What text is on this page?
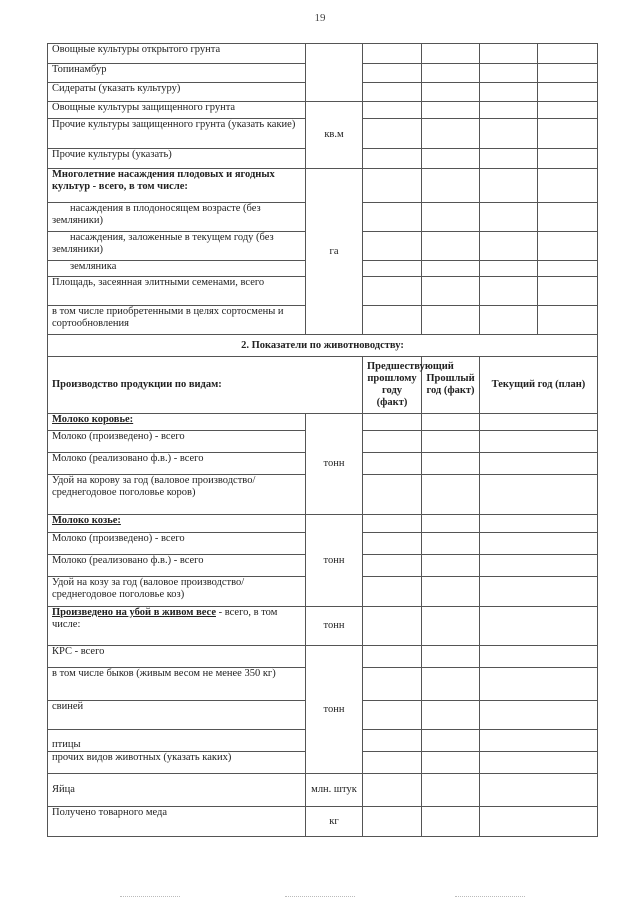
19
Овощные культуры открытого грунта					
Топинамбур					
Сидераты (указать культуру)					
Овощные культуры защищенного грунта	кв.м				
Прочие культуры защищенного грунта (указать какие)					
Прочие культуры (указать)					
Многолетние насаждения плодовых и ягодных культур - всего, в том числе:	га				
насаждения в плодоносящем возрасте (без земляники)					
насаждения, заложенные в текущем году (без земляники)					
земляника					
Площадь, засеянная элитными семенами, всего					
в том числе приобретенными в целях сортосмены и сортообновления					
2. Показатели по животноводству:					
Производство продукции по видам:		Предшествующий прошлому году (факт)	Прошлый год (факт)	Текущий год (план)	
Молоко коровье:	тонн				
Молоко (произведено) - всего					
Молоко (реализовано ф.в.) - всего					
Удой на корову за год (валовое производство/среднегодовое поголовье коров)					
Молоко козье:	тонн				
Молоко (произведено) - всего					
Молоко (реализовано ф.в.) - всего					
Удой на козу за год (валовое производство/среднегодовое поголовье коз)					
Произведено на убой в живом весе - всего, в том числе:	тонн				
КРС - всего	тонн				
в том числе быков (живым весом не менее 350 кг)					
свиней					
птицы					
прочих видов животных (указать каких)					
Яйца	млн. штук				
Получено товарного меда	кг				
